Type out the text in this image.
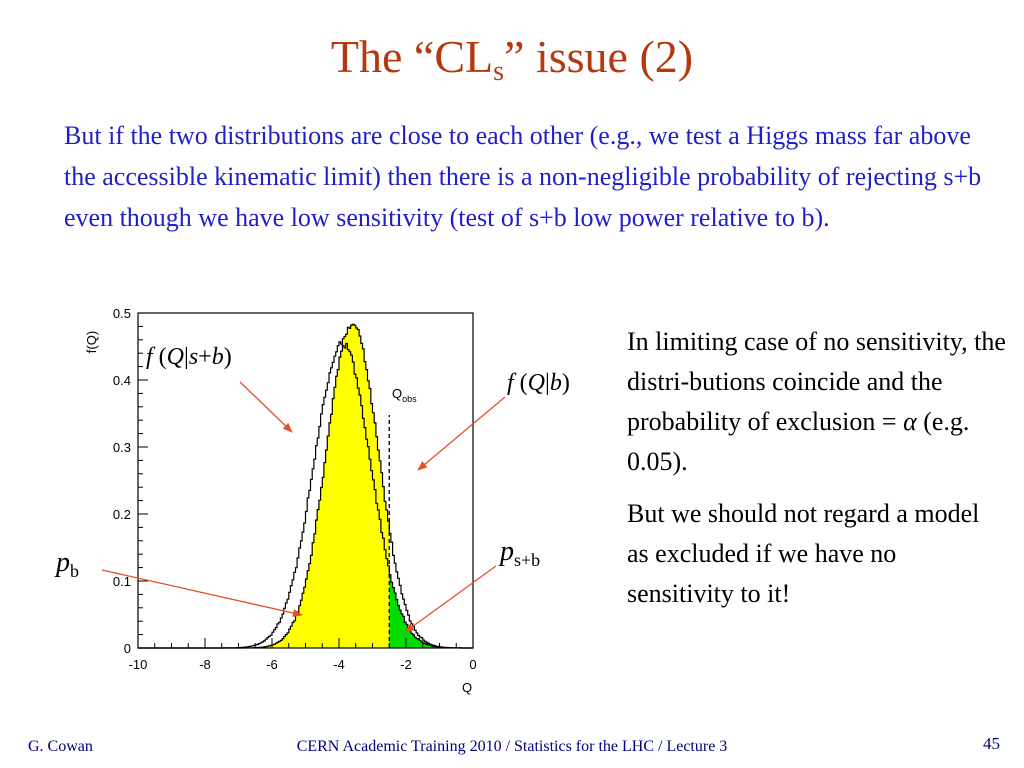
The “$CL_s$” issue (2)
But if the two distributions are close to each other (e.g., we test a Higgs mass far above the accessible kinematic limit) then there is a non-negligible probability of rejecting s+b even though we have low sensitivity (test of s+b low power relative to b).
-10	-8	-6	-4	-2	0
0
0.1
0.2
0.3
0.4
0.5
Q
f(Q)
$Q_{obs}$
f (Q|s+b)
f (Q|b)
$p_b$
$p_{s+b}$

In limiting case of no sensitivity, the distri-butions coincide and the probability of exclusion = α (e.g. 0.05).

But we should not regard a model as excluded if we have no sensitivity to it!

G. Cowan	CERN Academic Training 2010 / Statistics for the LHC / Lecture 3	45
